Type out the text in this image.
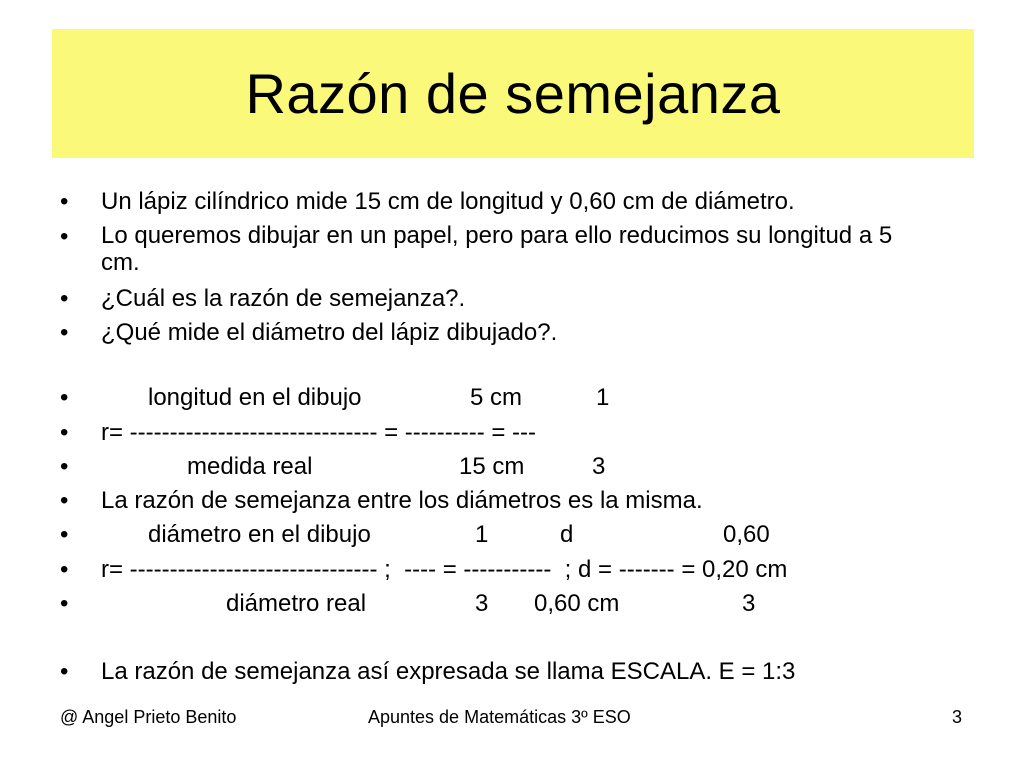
Razón de semejanza
• Un lápiz cilíndrico mide 15 cm de longitud y 0,60 cm de diámetro.
• Lo queremos dibujar en un papel, pero para ello reducimos su longitud a 5 cm.
• ¿Cuál es la razón de semejanza?.
• ¿Qué mide el diámetro del lápiz dibujado?.
•	longitud en el dibujo	5 cm	1
• r= ------------------------------- = ---------- = ---
•	medida real	15 cm	3
• La razón de semejanza entre los diámetros es la misma.
•	diámetro en el dibujo	1	d	0,60
• r= ------------------------------- ;  ---- = -----------  ; d = ------- = 0,20 cm
•	diámetro real	3 0,60 cm	3
• La razón de semejanza así expresada se llama ESCALA. E = 1:3
@ Angel Prieto Benito	Apuntes de Matemáticas 3º ESO	3
